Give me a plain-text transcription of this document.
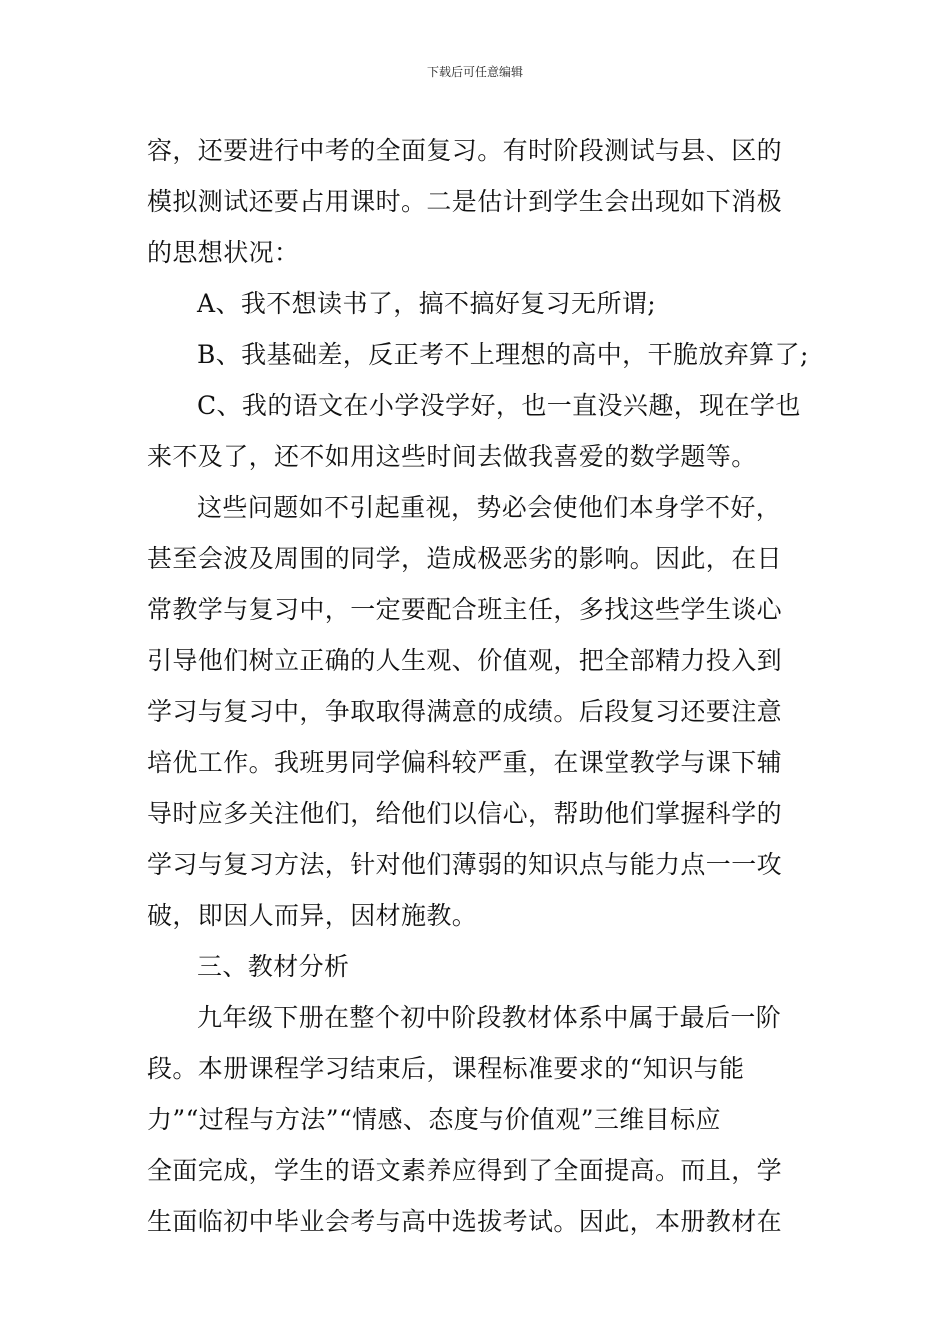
下载后可任意编辑
容，还要进行中考的全面复习。有时阶段测试与县、区的
模拟测试还要占用课时。二是估计到学生会出现如下消极
的思想状况：
A、我不想读书了，搞不搞好复习无所谓;
B、我基础差，反正考不上理想的高中，干脆放弃算了;
C、我的语文在小学没学好，也一直没兴趣，现在学也
来不及了，还不如用这些时间去做我喜爱的数学题等。
这些问题如不引起重视，势必会使他们本身学不好，
甚至会波及周围的同学，造成极恶劣的影响。因此，在日
常教学与复习中，一定要配合班主任，多找这些学生谈心
引导他们树立正确的人生观、价值观，把全部精力投入到
学习与复习中，争取取得满意的成绩。后段复习还要注意
培优工作。我班男同学偏科较严重，在课堂教学与课下辅
导时应多关注他们，给他们以信心，帮助他们掌握科学的
学习与复习方法，针对他们薄弱的知识点与能力点一一攻
破，即因人而异，因材施教。
三、教材分析
九年级下册在整个初中阶段教材体系中属于最后一阶
段。本册课程学习结束后，课程标准要求的“知识与能
力”“过程与方法”“情感、态度与价值观”三维目标应
全面完成，学生的语文素养应得到了全面提高。而且，学
生面临初中毕业会考与高中选拔考试。因此，本册教材在
